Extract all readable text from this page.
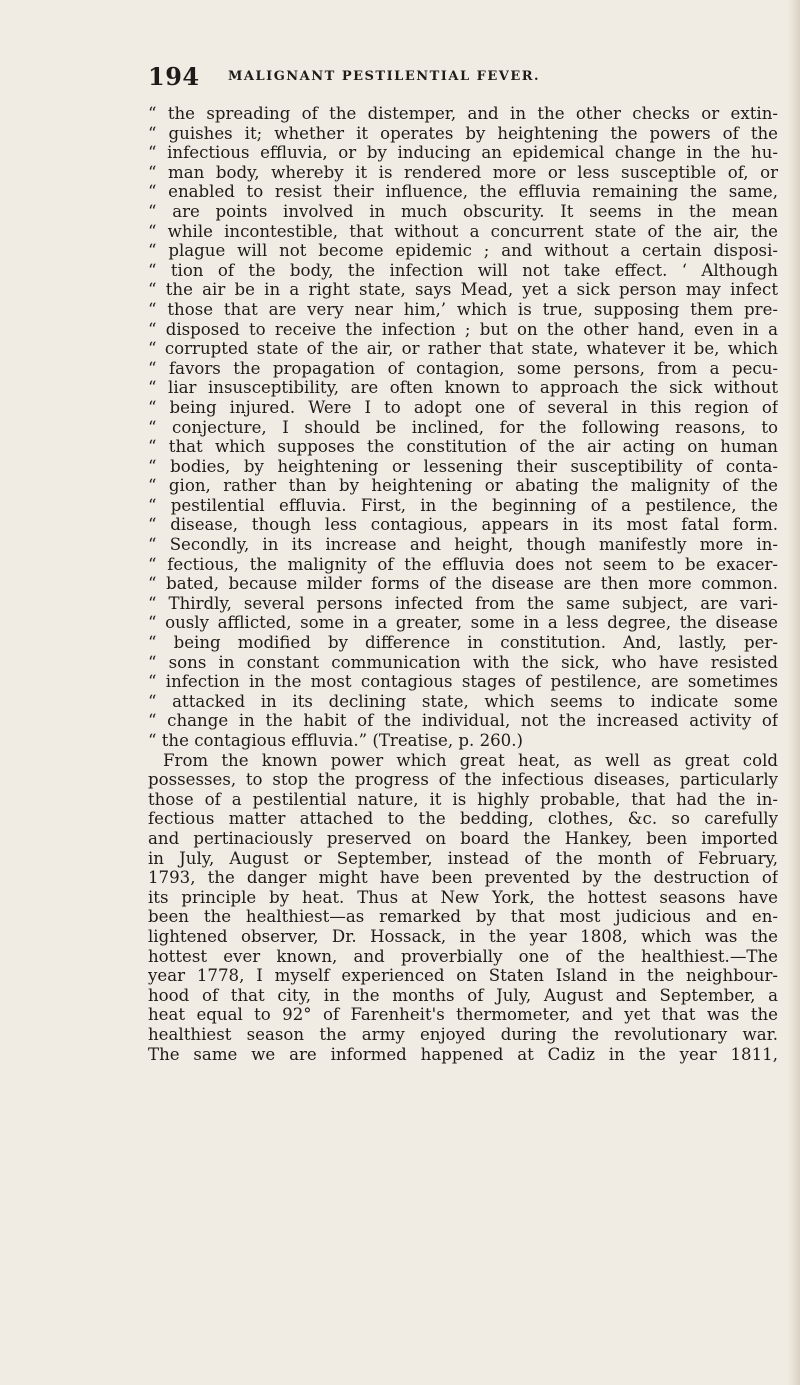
194 MALIGNANT PESTILENTIAL FEVER.
“ the spreading of the distemper, and in the other checks or extin-
“ guishes it; whether it operates by heightening the powers of the
“ infectious effluvia, or by inducing an epidemical change in the hu-
“ man body, whereby it is rendered more or less susceptible of, or
“ enabled to resist their influence, the effluvia remaining the same,
“ are points involved in much obscurity. It seems in the mean
“ while incontestible, that without a concurrent state of the air, the
“ plague will not become epidemic ; and without a certain disposi-
“ tion of the body, the infection will not take effect. ‘ Although
“ the air be in a right state, says Mead, yet a sick person may infect
“ those that are very near him,’ which is true, supposing them pre-
“ disposed to receive the infection ; but on the other hand, even in a
“ corrupted state of the air, or rather that state, whatever it be, which
“ favors the propagation of contagion, some persons, from a pecu-
“ liar insusceptibility, are often known to approach the sick without
“ being injured. Were I to adopt one of several in this region of
“ conjecture, I should be inclined, for the following reasons, to
“ that which supposes the constitution of the air acting on human
“ bodies, by heightening or lessening their susceptibility of conta-
“ gion, rather than by heightening or abating the malignity of the
“ pestilential effluvia. First, in the beginning of a pestilence, the
“ disease, though less contagious, appears in its most fatal form.
“ Secondly, in its increase and height, though manifestly more in-
“ fectious, the malignity of the effluvia does not seem to be exacer-
“ bated, because milder forms of the disease are then more common.
“ Thirdly, several persons infected from the same subject, are vari-
“ ously afflicted, some in a greater, some in a less degree, the disease
“ being modified by difference in constitution. And, lastly, per-
“ sons in constant communication with the sick, who have resisted
“ infection in the most contagious stages of pestilence, are sometimes
“ attacked in its declining state, which seems to indicate some
“ change in the habit of the individual, not the increased activity of
“ the contagious effluvia.” (Treatise, p. 260.)
From the known power which great heat, as well as great cold
possesses, to stop the progress of the infectious diseases, particularly
those of a pestilential nature, it is highly probable, that had the in-
fectious matter attached to the bedding, clothes, &c. so carefully
and pertinaciously preserved on board the Hankey, been imported
in July, August or September, instead of the month of February,
1793, the danger might have been prevented by the destruction of
its principle by heat. Thus at New York, the hottest seasons have
been the healthiest—as remarked by that most judicious and en-
lightened observer, Dr. Hossack, in the year 1808, which was the
hottest ever known, and proverbially one of the healthiest.—The
year 1778, I myself experienced on Staten Island in the neighbour-
hood of that city, in the months of July, August and September, a
heat equal to 92° of Farenheit's thermometer, and yet that was the
healthiest season the army enjoyed during the revolutionary war.
The same we are informed happened at Cadiz in the year 1811,
